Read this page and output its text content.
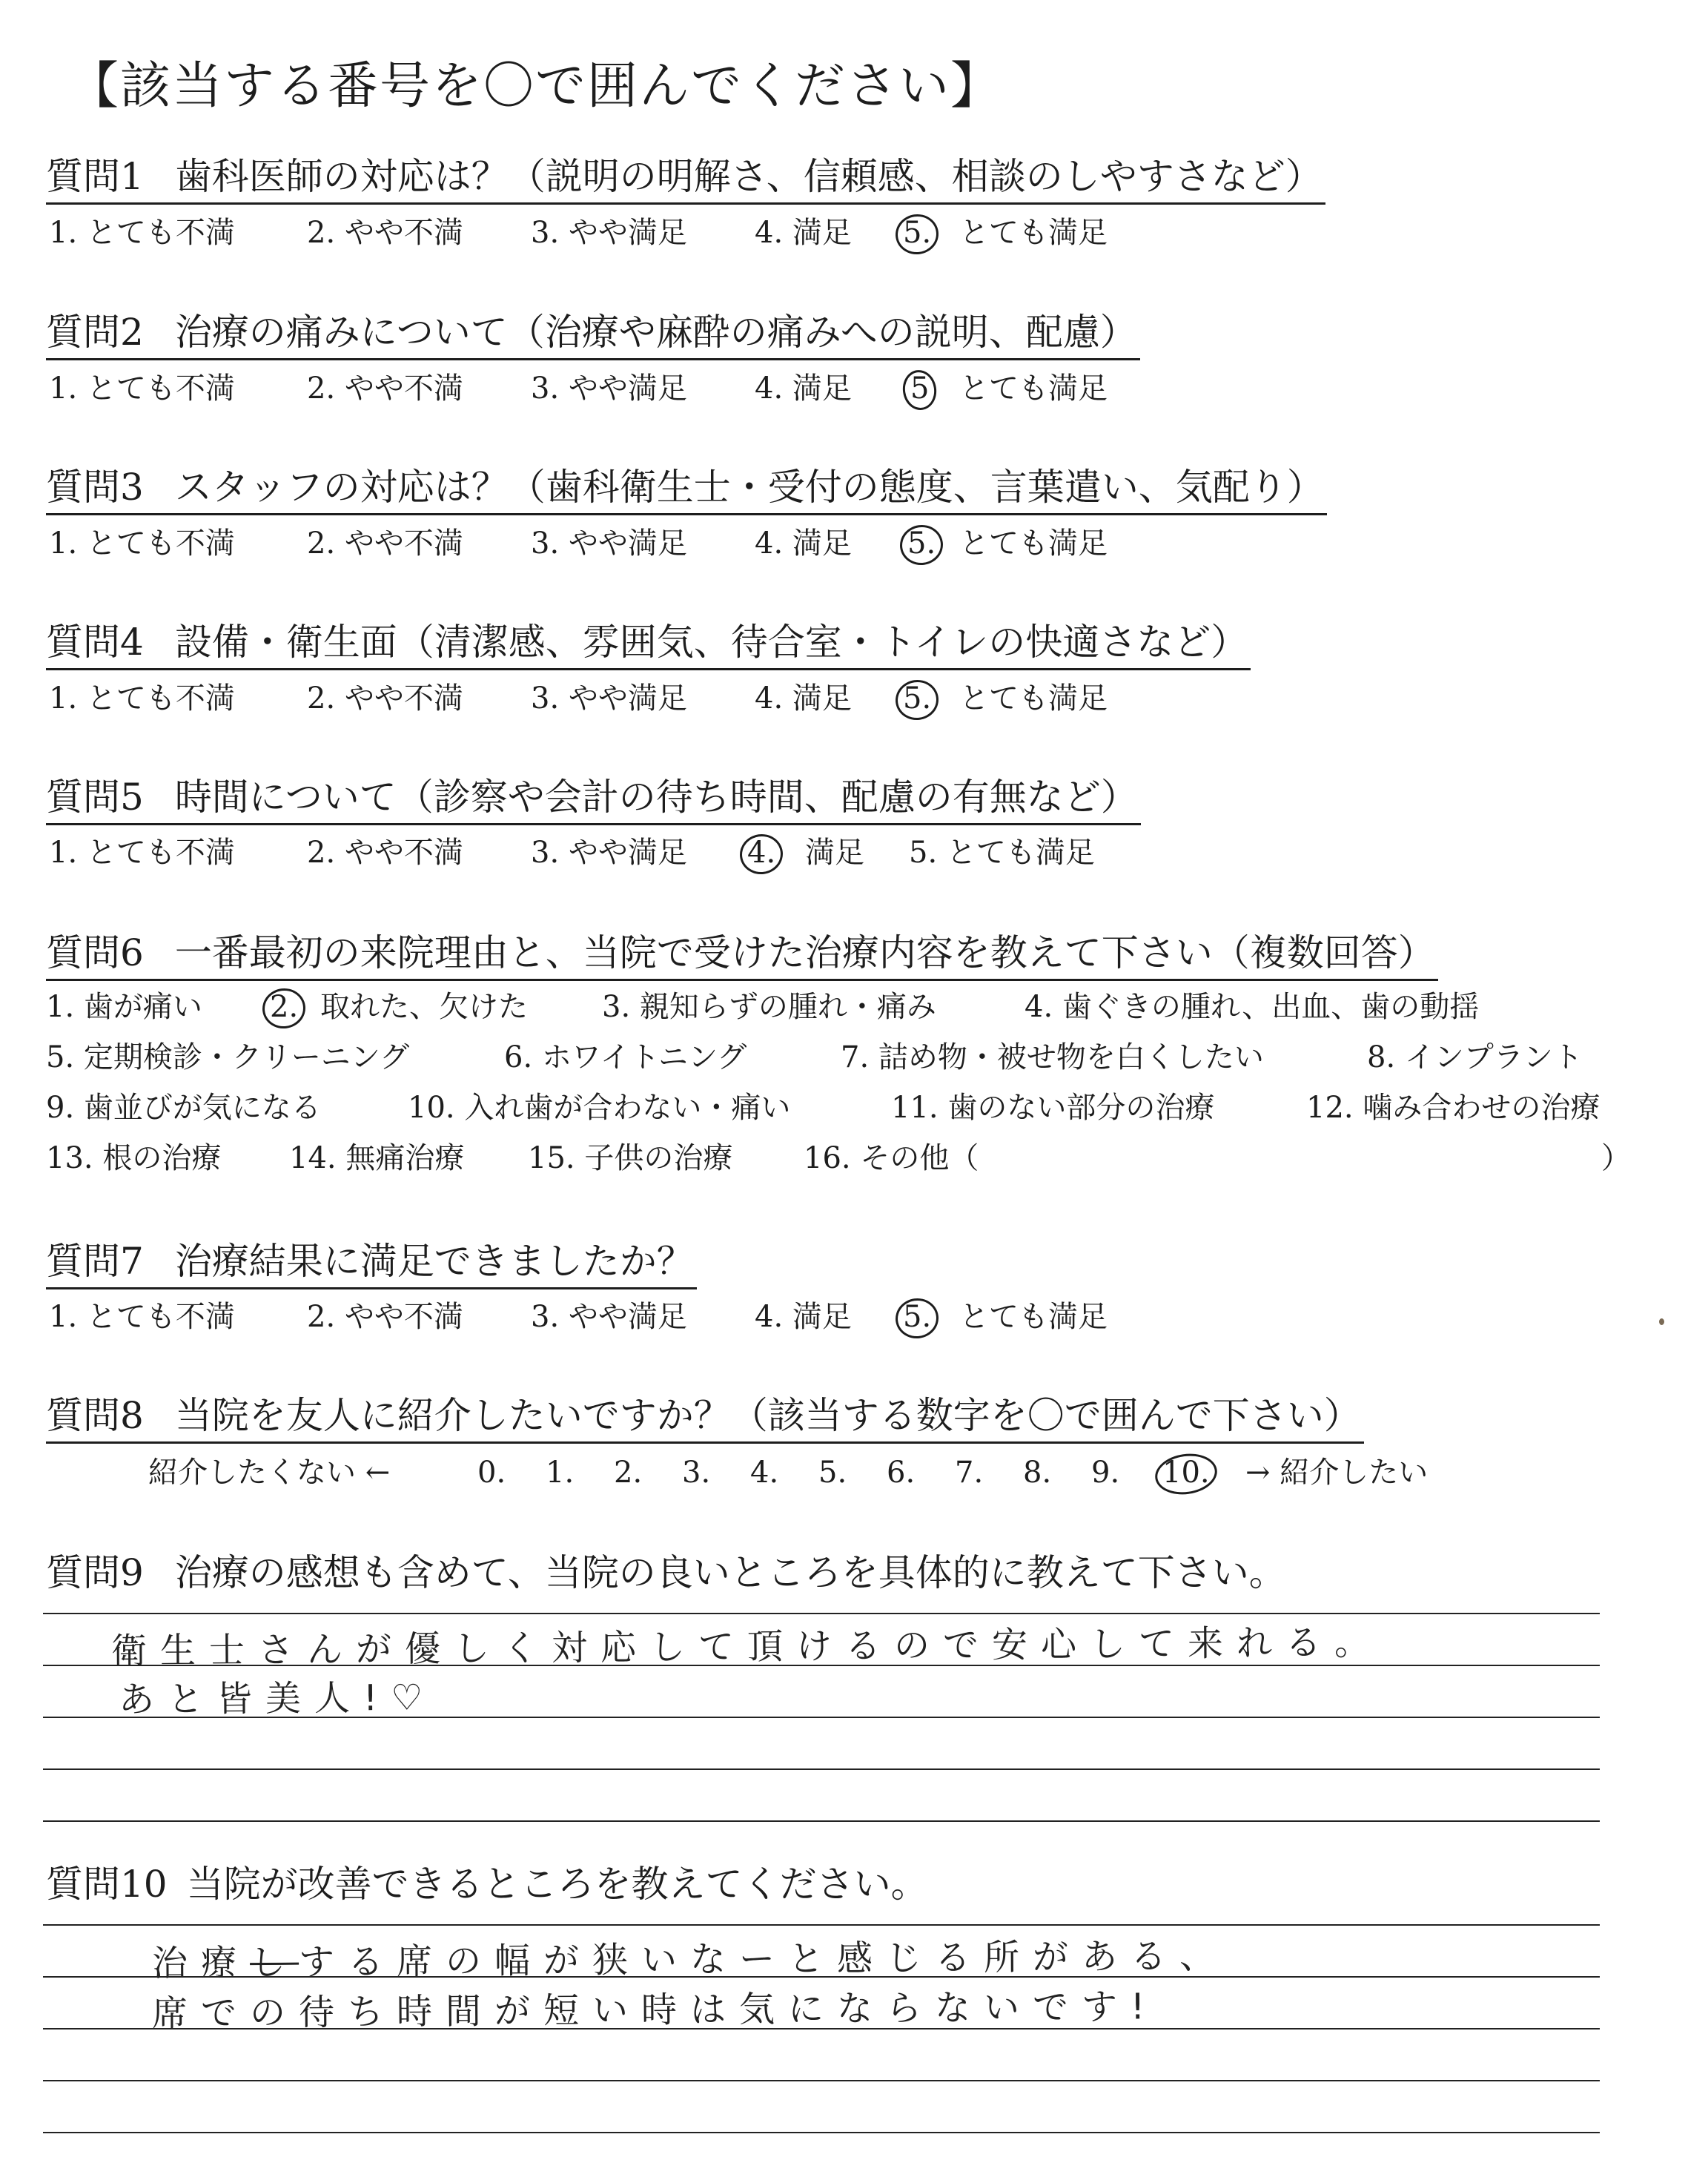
【該当する番号を〇で囲んでください】
質問1 歯科医師の対応は？（説明の明解さ、信頼感、相談のしやすさなど）
1. とても不満 2. やや不満 3. やや満足 4. 満足 5. とても満足
質問2 治療の痛みについて（治療や麻酔の痛みへの説明、配慮）
1. とても不満 2. やや不満 3. やや満足 4. 満足 5 とても満足
質問3 スタッフの対応は？（歯科衛生士・受付の態度、言葉遣い、気配り）
1. とても不満 2. やや不満 3. やや満足 4. 満足 5. とても満足
質問4 設備・衛生面（清潔感、雰囲気、待合室・トイレの快適さなど）
1. とても不満 2. やや不満 3. やや満足 4. 満足 5. とても満足
質問5 時間について（診察や会計の待ち時間、配慮の有無など）
1. とても不満 2. やや不満 3. やや満足 4. 満足 5. とても満足
質問6 一番最初の来院理由と、当院で受けた治療内容を教えて下さい（複数回答）
1. 歯が痛い 2. 取れた、欠けた	3. 親知らずの腫れ・痛み	4. 歯ぐきの腫れ、出血、歯の動揺
5. 定期検診・クリーニング	6. ホワイトニング	7. 詰め物・被せ物を白くしたい	8. インプラント
9. 歯並びが気になる	10. 入れ歯が合わない・痛い	11. 歯のない部分の治療	12. 噛み合わせの治療
13. 根の治療 14. 無痛治療 15. 子供の治療 16. その他（	）
質問7 治療結果に満足できましたか？
1. とても不満 2. やや不満 3. やや満足 4. 満足 5. とても満足
質問8 当院を友人に紹介したいですか？（該当する数字を〇で囲んで下さい）
紹介したくない ←	0. 1. 2. 3. 4. 5. 6. 7. 8. 9. 10. → 紹介したい
質問9 治療の感想も含めて、当院の良いところを具体的に教えて下さい。
衛生士さんが優しく対応して頂けるので安心して来れる。
あと皆美人!♡
質問10 当院が改善できるところを教えてください。
治療しする席の幅が狭いなーと感じる所がある、
席での待ち時間が短い時は気にならないです!
